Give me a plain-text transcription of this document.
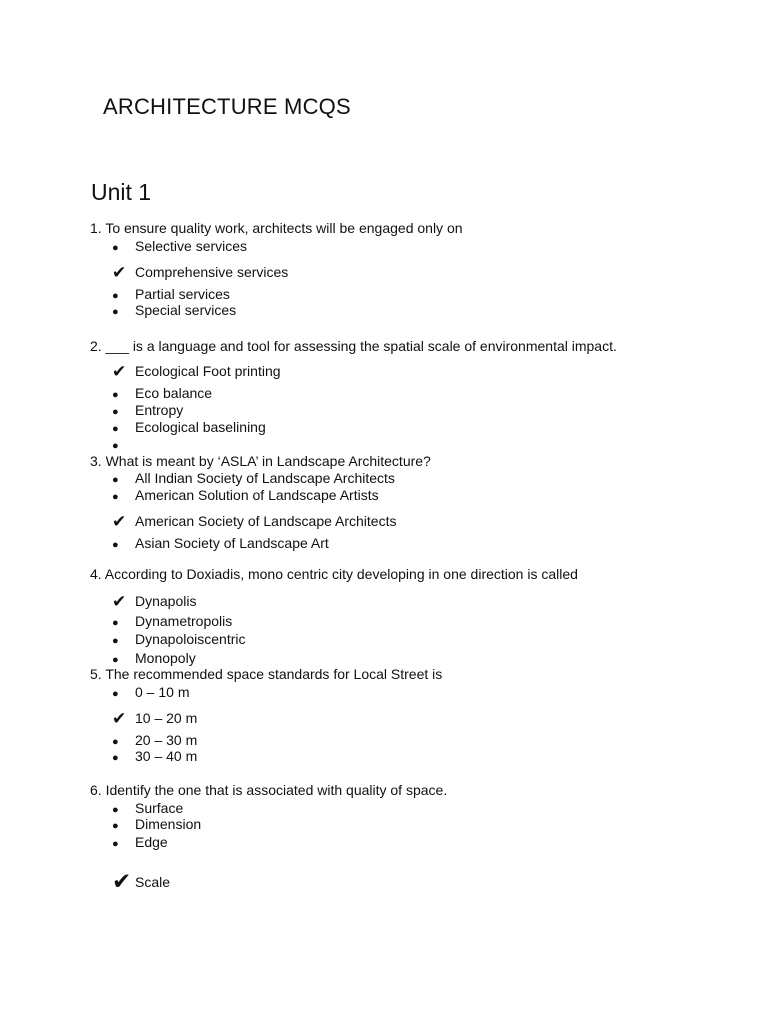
ARCHITECTURE MCQS
Unit 1
1. To ensure quality work, architects will be engaged only on
● Selective services
✔ Comprehensive services
● Partial services
● Special services
2. ___ is a language and tool for assessing the spatial scale of environmental impact.
✔ Ecological Foot printing
● Eco balance
● Entropy
● Ecological baselining
●
3. What is meant by ‘ASLA’ in Landscape Architecture?
● All Indian Society of Landscape Architects
● American Solution of Landscape Artists
✔ American Society of Landscape Architects
● Asian Society of Landscape Art
4. According to Doxiadis, mono centric city developing in one direction is called
✔ Dynapolis
● Dynametropolis
● Dynapoloiscentric
● Monopoly
5. The recommended space standards for Local Street is
● 0 – 10 m
✔ 10 – 20 m
● 20 – 30 m
● 30 – 40 m
6. Identify the one that is associated with quality of space.
● Surface
● Dimension
● Edge
✔ Scale
